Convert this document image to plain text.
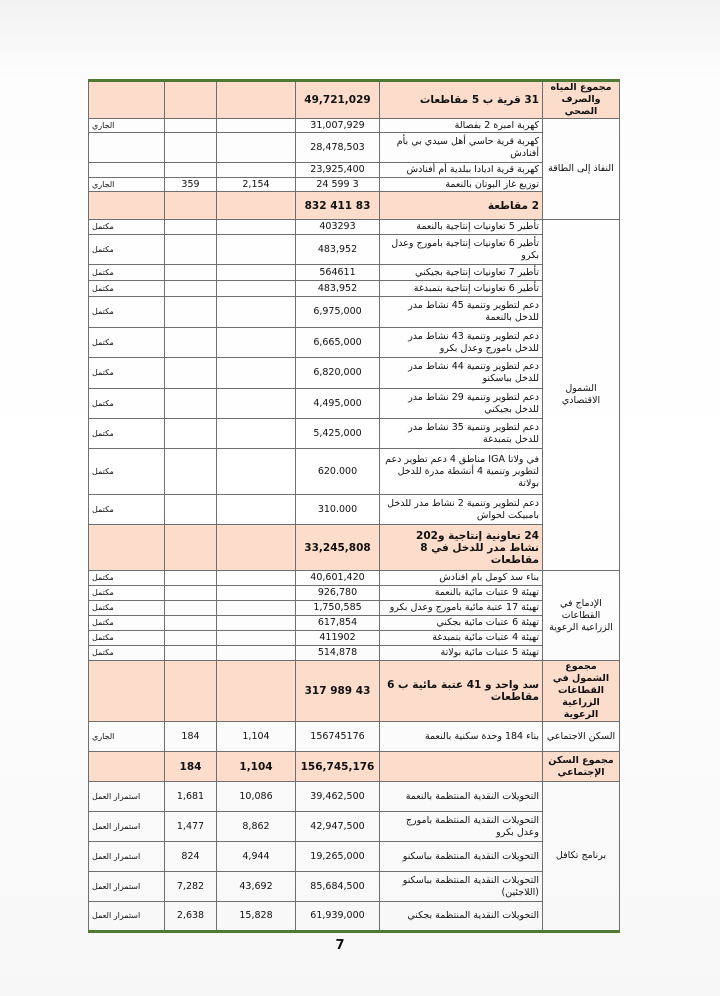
مجموع المياه والصرف الصحي	31 قرية ب 5 مقاطعات	49,721,029			
النفاذ إلى الطاقة	كهربة امبرة 2 بفصالة	31,007,929			الجاري
	كهربة قرية حاسي أهل سيدي بي بأم أفنادش	28,478,503			
	كهربة قرية اديادا ببلدية أم أفنادش	23,925,400			
	توزيع غاز البوتان بالنعمة	3 599 24	2,154	359	الجاري
	2 مقاطعة	83 411 832			
الشمول الاقتصادي	تأطير 5 تعاونيات إنتاجية بالنعمة	403293			مكتمل
	تأطير 6 تعاونيات إنتاجية بامورج وعدل بكرو	483,952			مكتمل
	تأطير 7 تعاونيات إنتاجية بجيكني	564611			مكتمل
	تأطير 6 تعاونيات إنتاجية بتمبدغة	483,952			مكتمل
	دعم لتطوير وتنمية 45 نشاط مدر للدخل بالنعمة	6,975,000			مكتمل
	دعم لتطوير وتنمية 43 نشاط مدر للدخل بامورج وعدل بكرو	6,665,000			مكتمل
	دعم لتطوير وتنمية 44 نشاط مدر للدخل بباسكنو	6,820,000			مكتمل
	دعم لتطوير وتنمية 29 نشاط مدر للدخل بجيكني	4,495,000			مكتمل
	دعم لتطوير وتنمية 35 نشاط مدر للدخل بتمبدغة	5,425,000			مكتمل
	في ولاتا IGA مناطق 4 دعم تطوير دعم لتطوير وتنمية 4 أنشطة مدرة للدخل بولاتة	620.000			مكتمل
	دعم لتطوير وتنمية 2 نشاط مدر للدخل بامبيكت لحواش	310.000			مكتمل
	24 تعاونية إنتاجية و202 نشاط مدر للدخل في 8 مقاطعات	33,245,808			
الإدماج في القطاعات الزراعية الرعوية	بناء سد كومل بام افنادش	40,601,420			مكتمل
	تهيئة 9 عتبات مائية بالنعمة	926,780			مكتمل
	تهيئة 17 عتبة مائية بامورج وعدل بكرو	1,750,585			مكتمل
	تهيئة 6 عتبات مائية بجكني	617,854			مكتمل
	تهيئة 4 عتبات مائية بتمبدغة	411902			مكتمل
	تهيئة 5 عتبات مائية بولاتة	514,878			مكتمل
مجموع الشمول في القطاعات الزراعية الرعوية	سد واحد و 41 عتبة مائية ب 6 مقاطعات	43 989 317			
السكن الاجتماعي	بناء 184 وحدة سكنية بالنعمة	156745176	1,104	184	الجاري
مجموع السكن الإجتماعي		156,745,176	1,104	184	
برنامج تكافل	التحويلات النقدية المنتظمة بالنعمة	39,462,500	10,086	1,681	استمرار العمل
	التحويلات النقدية المنتظمة بامورج وعدل بكرو	42,947,500	8,862	1,477	استمرار العمل
	التحويلات النقدية المنتظمة بباسكنو	19,265,000	4,944	824	استمرار العمل
	التحويلات النقدية المنتظمة بباسكنو (اللاجئين)	85,684,500	43,692	7,282	استمرار العمل
	التحويلات النقدية المنتظمة بجكني	61,939,000	15,828	2,638	استمرار العمل
7
